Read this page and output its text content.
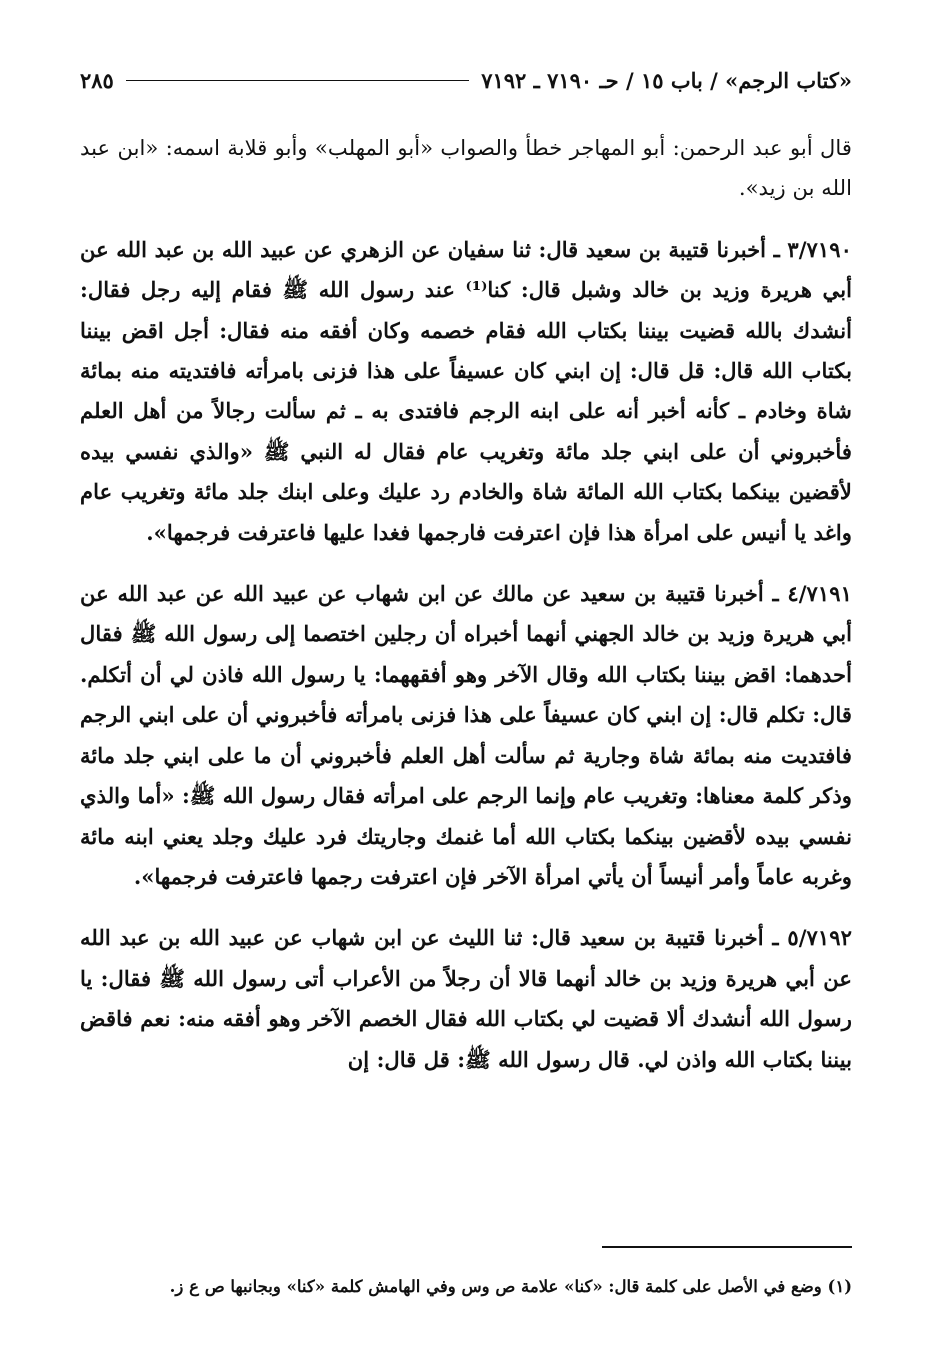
«كتاب الرجم» / باب ١٥ / حـ ٧١٩٠ ـ ٧١٩٢
٢٨٥

قال أبو عبد الرحمن: أبو المهاجر خطأ والصواب «أبو المهلب» وأبو قلابة اسمه: «ابن عبد الله بن زيد».

٣/٧١٩٠ ـ أخبرنا قتيبة بن سعيد قال: ثنا سفيان عن الزهري عن عبيد الله بن عبد الله عن أبي هريرة وزيد بن خالد وشبل قال: كنا⁽¹⁾ عند رسول الله ﷺ فقام إليه رجل فقال: أنشدك بالله قضيت بيننا بكتاب الله فقام خصمه وكان أفقه منه فقال: أجل اقض بيننا بكتاب الله قال: قل قال: إن ابني كان عسيفاً على هذا فزنى بامرأته فافتديته منه بمائة شاة وخادم ـ كأنه أخبر أنه على ابنه الرجم فافتدى به ـ ثم سألت رجالاً من أهل العلم فأخبروني أن على ابني جلد مائة وتغريب عام فقال له النبي ﷺ «والذي نفسي بيده لأقضين بينكما بكتاب الله المائة شاة والخادم رد عليك وعلى ابنك جلد مائة وتغريب عام واغد يا أنيس على امرأة هذا فإن اعترفت فارجمها فغدا عليها فاعترفت فرجمها».

٤/٧١٩١ ـ أخبرنا قتيبة بن سعيد عن مالك عن ابن شهاب عن عبيد الله عن عبد الله عن أبي هريرة وزيد بن خالد الجهني أنهما أخبراه أن رجلين اختصما إلى رسول الله ﷺ فقال أحدهما: اقض بيننا بكتاب الله وقال الآخر وهو أفقههما: يا رسول الله فاذن لي أن أتكلم. قال: تكلم قال: إن ابني كان عسيفاً على هذا فزنى بامرأته فأخبروني أن على ابني الرجم فافتديت منه بمائة شاة وجارية ثم سألت أهل العلم فأخبروني أن ما على ابني جلد مائة وذكر كلمة معناها: وتغريب عام وإنما الرجم على امرأته فقال رسول الله ﷺ: «أما والذي نفسي بيده لأقضين بينكما بكتاب الله أما غنمك وجاريتك فرد عليك وجلد يعني ابنه مائة وغربه عاماً وأمر أنيساً أن يأتي امرأة الآخر فإن اعترفت رجمها فاعترفت فرجمها».

٥/٧١٩٢ ـ أخبرنا قتيبة بن سعيد قال: ثنا الليث عن ابن شهاب عن عبيد الله بن عبد الله عن أبي هريرة وزيد بن خالد أنهما قالا أن رجلاً من الأعراب أتى رسول الله ﷺ فقال: يا رسول الله أنشدك ألا قضيت لي بكتاب الله فقال الخصم الآخر وهو أفقه منه: نعم فاقض بيننا بكتاب الله واذن لي. قال رسول الله ﷺ: قل قال: إن

(١) وضع في الأصل على كلمة قال: «كنا» علامة ص وس وفي الهامش كلمة «كنا» وبجانبها ص ع ز.
